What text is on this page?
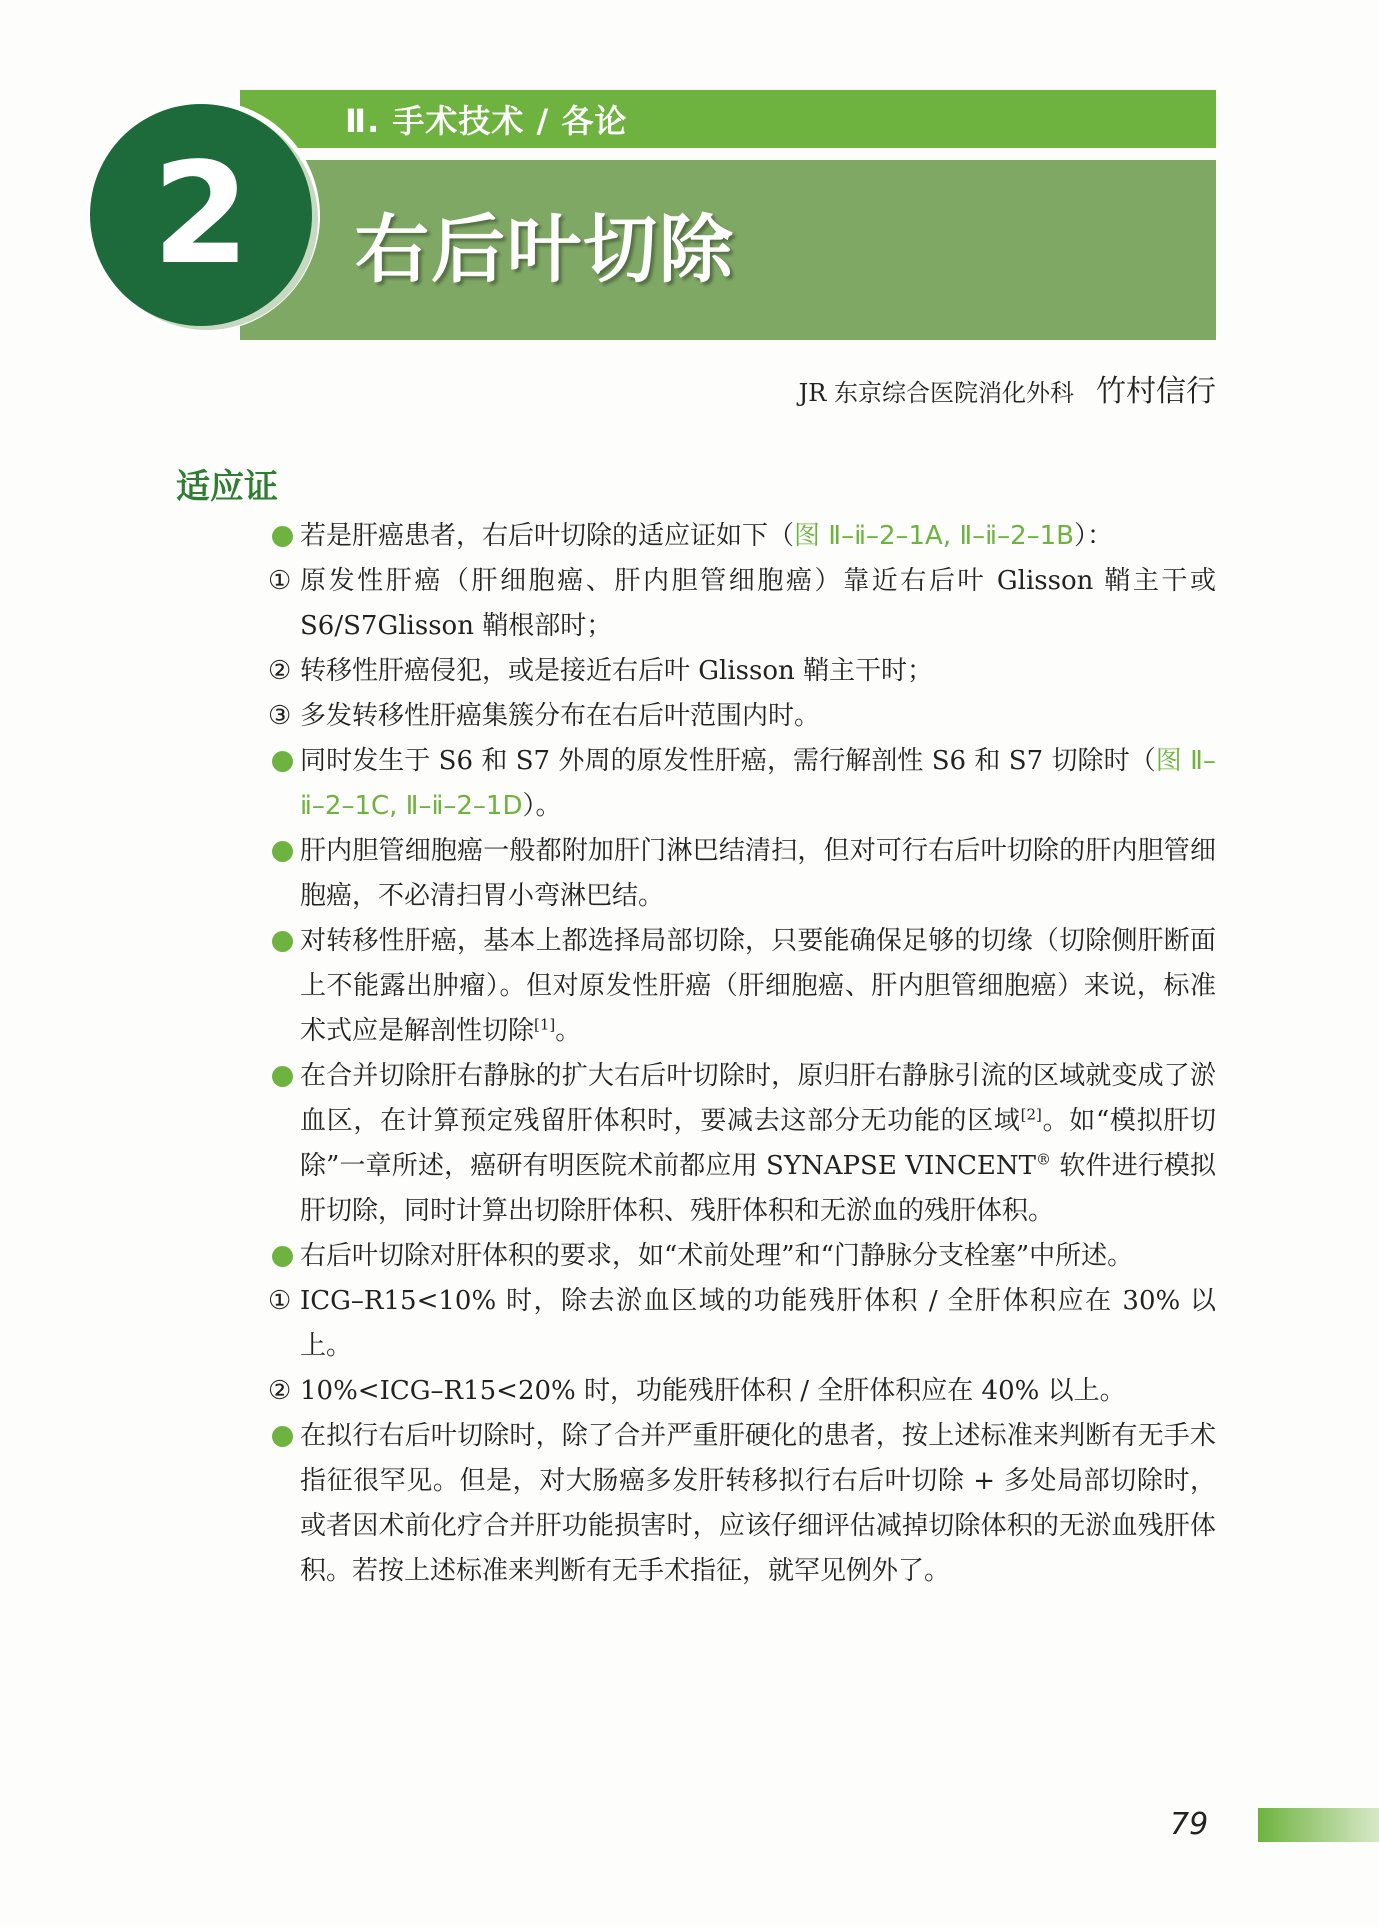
Ⅱ. 手术技术 / 各论
2	右后叶切除
JR 东京综合医院消化外科 竹村信行
适应证

若是肝癌患者，右后叶切除的适应证如下（图 Ⅱ–ⅱ–2–1A, Ⅱ–ⅱ–2–1B）：

① 原发性肝癌（肝细胞癌、肝内胆管细胞癌）靠近右后叶 Glisson 鞘主干或 S6/S7Glisson 鞘根部时；

② 转移性肝癌侵犯，或是接近右后叶 Glisson 鞘主干时；

③ 多发转移性肝癌集簇分布在右后叶范围内时。

同时发生于 S6 和 S7 外周的原发性肝癌，需行解剖性 S6 和 S7 切除时（图 Ⅱ–ⅱ–2–1C, Ⅱ–ⅱ–2–1D）。

肝内胆管细胞癌一般都附加肝门淋巴结清扫，但对可行右后叶切除的肝内胆管细胞癌，不必清扫胃小弯淋巴结。

对转移性肝癌，基本上都选择局部切除，只要能确保足够的切缘（切除侧肝断面上不能露出肿瘤）。但对原发性肝癌（肝细胞癌、肝内胆管细胞癌）来说，标准术式应是解剖性切除[1]。

在合并切除肝右静脉的扩大右后叶切除时，原归肝右静脉引流的区域就变成了淤血区，在计算预定残留肝体积时，要减去这部分无功能的区域[2]。如“模拟肝切除”一章所述，癌研有明医院术前都应用 SYNAPSE VINCENT® 软件进行模拟肝切除，同时计算出切除肝体积、残肝体积和无淤血的残肝体积。

右后叶切除对肝体积的要求，如“术前处理”和“门静脉分支栓塞”中所述。

① ICG–R15<10% 时，除去淤血区域的功能残肝体积 / 全肝体积应在 30% 以上。

② 10%<ICG–R15<20% 时，功能残肝体积 / 全肝体积应在 40% 以上。

在拟行右后叶切除时，除了合并严重肝硬化的患者，按上述标准来判断有无手术指征很罕见。但是，对大肠癌多发肝转移拟行右后叶切除 + 多处局部切除时，或者因术前化疗合并肝功能损害时，应该仔细评估减掉切除体积的无淤血残肝体积。若按上述标准来判断有无手术指征，就罕见例外了。

79
